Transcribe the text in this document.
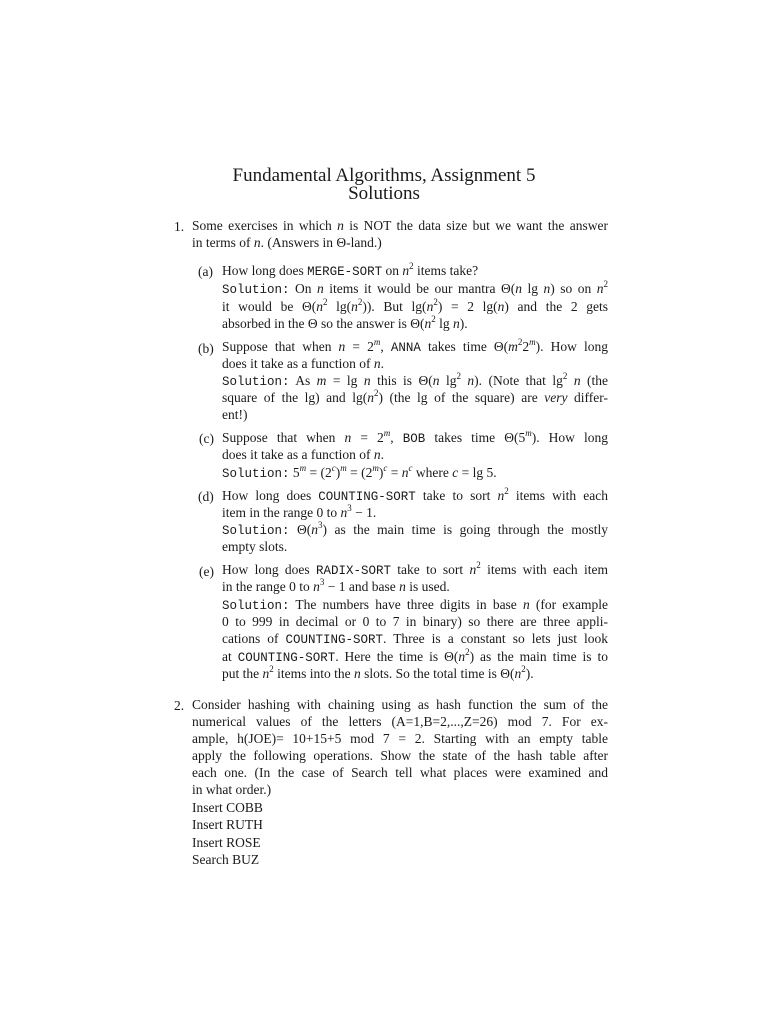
Fundamental Algorithms, Assignment 5
Solutions
1. Some exercises in which n is NOT the data size but we want the answer
in terms of n. (Answers in Θ-land.)
(a) How long does MERGE-SORT on $n^2$ items take?
Solution: On n items it would be our mantra Θ(n lg n) so on $n^2$
it would be $\Theta(n^2$ $\lg(n^2)$). But $\lg(n^2) = 2$ lg(n) and the 2 gets
absorbed in the Θ so the answer is $\Theta(n^2$ lg n).
(b) Suppose that when $n = 2^m$, ANNA takes time $\Theta(m^22^m)$. How long
does it take as a function of n.
Solution: As m = lg n this is Θ(n $\lg^2 n$). (Note that $\lg^2 n$ (the
square of the lg) and $\lg(n^2)$ (the lg of the square) are very differ-
ent!)
(c) Suppose that when $n = 2^m$, BOB takes time Θ(5$^m$). How long
does it take as a function of n.
Solution: $5^m = (2^c)^m = (2^m)^c = n^c$ where c = lg 5.
(d) How long does COUNTING-SORT take to sort $n^2$ items with each
item in the range 0 to $n^3 - 1$.
Solution: $\Theta(n^3)$ as the main time is going through the mostly
empty slots.
(e) How long does RADIX-SORT take to sort $n^2$ items with each item
in the range 0 to $n^3 - 1$ and base n is used.
Solution: The numbers have three digits in base n (for example
0 to 999 in decimal or 0 to 7 in binary) so there are three appli-
cations of COUNTING-SORT. Three is a constant so lets just look
at COUNTING-SORT. Here the time is $\Theta(n^2)$ as the main time is to
put the $n^2$ items into the n slots. So the total time is $\Theta(n^2)$.
2. Consider hashing with chaining using as hash function the sum of the
numerical values of the letters (A=1,B=2,...,Z=26) mod 7. For ex-
ample, h(JOE)= 10+15+5 mod 7 = 2. Starting with an empty table
apply the following operations. Show the state of the hash table after
each one. (In the case of Search tell what places were examined and
in what order.)
Insert COBB
Insert RUTH
Insert ROSE
Search BUZ
